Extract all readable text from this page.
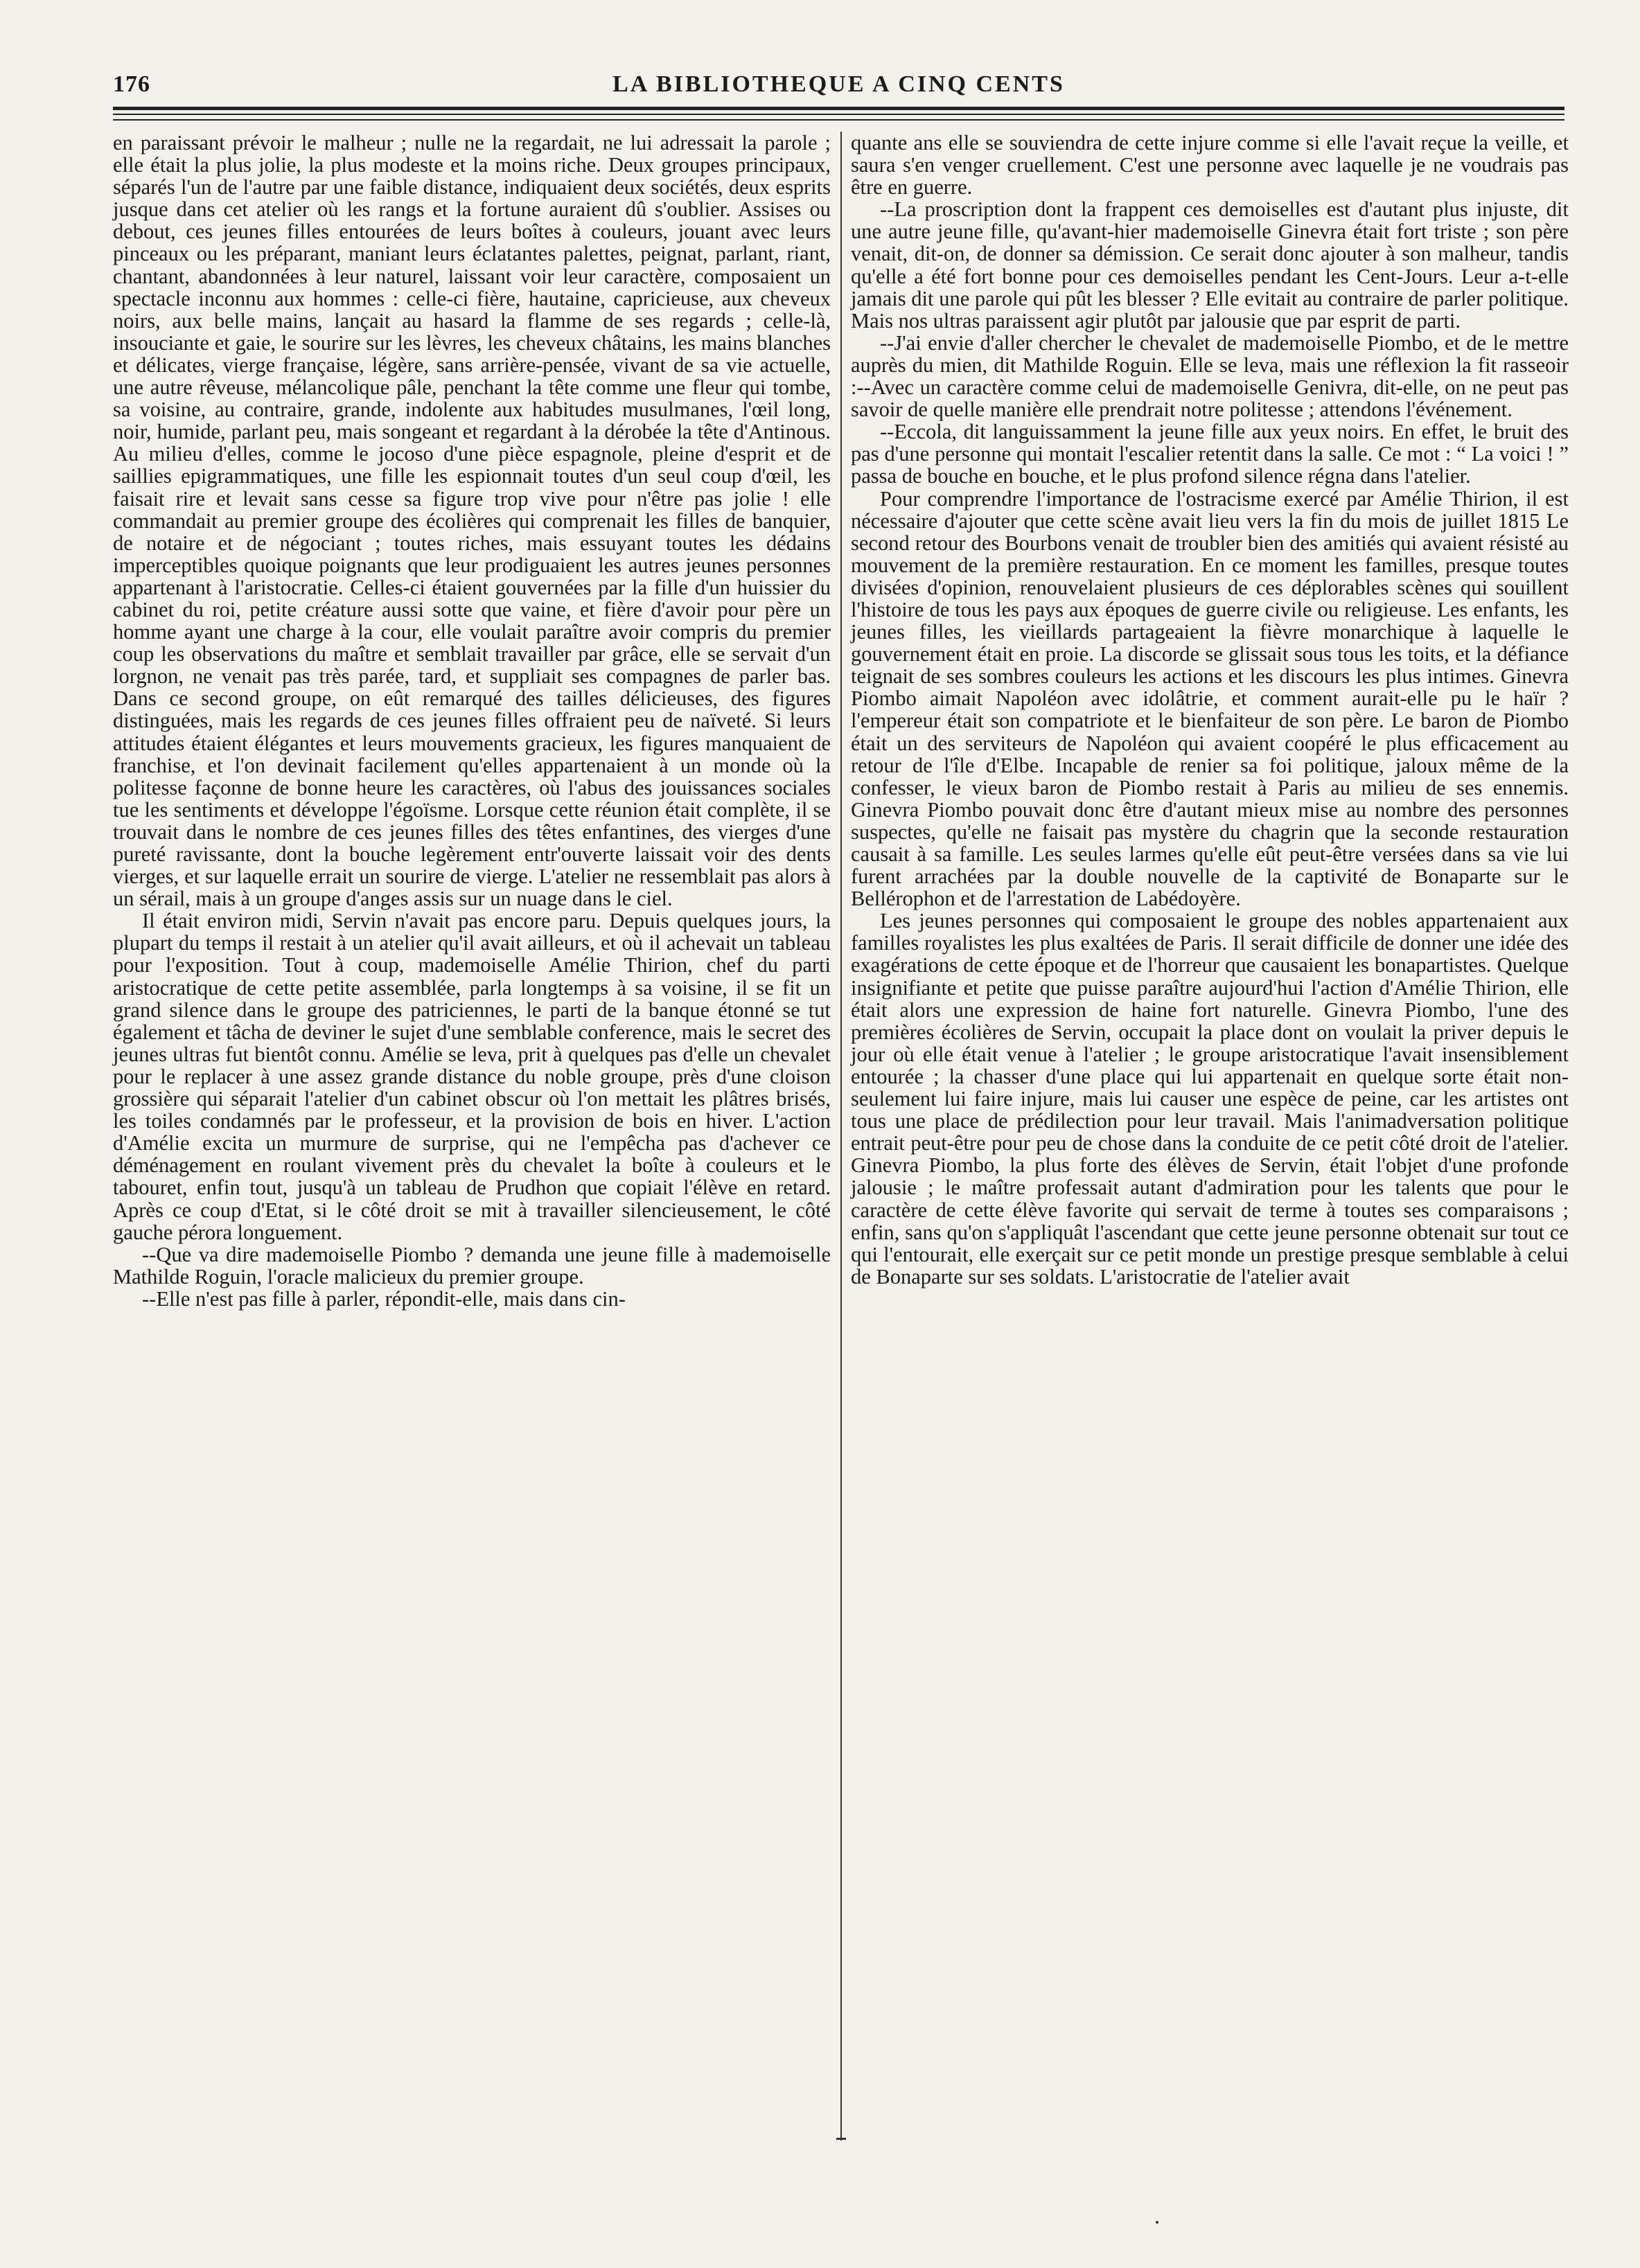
LA BIBLIOTHEQUE A CINQ CENTS
176

en paraissant prévoir le malheur ; nulle ne la regardait, ne lui adressait la parole ; elle était la plus jolie, la plus modeste et la moins riche. Deux groupes principaux, séparés l'un de l'autre par une faible distance, indiquaient deux sociétés, deux esprits jusque dans cet atelier où les rangs et la fortune auraient dû s'oublier. Assises ou debout, ces jeunes filles entourées de leurs boîtes à couleurs, jouant avec leurs pinceaux ou les préparant, maniant leurs éclatantes palettes, peignat, parlant, riant, chantant, abandonnées à leur naturel, laissant voir leur caractère, composaient un spectacle inconnu aux hommes : celle-ci fière, hautaine, capricieuse, aux cheveux noirs, aux belle mains, lançait au hasard la flamme de ses regards ; celle-là, insouciante et gaie, le sourire sur les lèvres, les cheveux châtains, les mains blanches et délicates, vierge française, légère, sans arrière-pensée, vivant de sa vie actuelle, une autre rêveuse, mélancolique pâle, penchant la tête comme une fleur qui tombe, sa voisine, au contraire, grande, indolente aux habitudes musulmanes, l'œil long, noir, humide, parlant peu, mais songeant et regardant à la dérobée la tête d'Antinous. Au milieu d'elles, comme le jocoso d'une pièce espagnole, pleine d'esprit et de saillies epigrammatiques, une fille les espionnait toutes d'un seul coup d'œil, les faisait rire et levait sans cesse sa figure trop vive pour n'être pas jolie ! elle commandait au premier groupe des écolières qui comprenait les filles de banquier, de notaire et de négociant ; toutes riches, mais essuyant toutes les dédains imperceptibles quoique poignants que leur prodiguaient les autres jeunes personnes appartenant à l'aristocratie. Celles-ci étaient gouvernées par la fille d'un huissier du cabinet du roi, petite créature aussi sotte que vaine, et fière d'avoir pour père un homme ayant une charge à la cour, elle voulait paraître avoir compris du premier coup les observations du maître et semblait travailler par grâce, elle se servait d'un lorgnon, ne venait pas très parée, tard, et suppliait ses compagnes de parler bas. Dans ce second groupe, on eût remarqué des tailles délicieuses, des figures distinguées, mais les regards de ces jeunes filles offraient peu de naïveté. Si leurs attitudes étaient élégantes et leurs mouvements gracieux, les figures manquaient de franchise, et l'on devinait facilement qu'elles appartenaient à un monde où la politesse façonne de bonne heure les caractères, où l'abus des jouissances sociales tue les sentiments et développe l'égoïsme. Lorsque cette réunion était complète, il se trouvait dans le nombre de ces jeunes filles des têtes enfantines, des vierges d'une pureté ravissante, dont la bouche legèrement entr'ouverte laissait voir des dents vierges, et sur laquelle errait un sourire de vierge. L'atelier ne ressemblait pas alors à un sérail, mais à un groupe d'anges assis sur un nuage dans le ciel.

Il était environ midi, Servin n'avait pas encore paru. Depuis quelques jours, la plupart du temps il restait à un atelier qu'il avait ailleurs, et où il achevait un tableau pour l'exposition. Tout à coup, mademoiselle Amélie Thirion, chef du parti aristocratique de cette petite assemblée, parla longtemps à sa voisine, il se fit un grand silence dans le groupe des patriciennes, le parti de la banque étonné se tut également et tâcha de deviner le sujet d'une semblable conference, mais le secret des jeunes ultras fut bientôt connu. Amélie se leva, prit à quelques pas d'elle un chevalet pour le replacer à une assez grande distance du noble groupe, près d'une cloison grossière qui séparait l'atelier d'un cabinet obscur où l'on mettait les plâtres brisés, les toiles condamnés par le professeur, et la provision de bois en hiver. L'action d'Amélie excita un murmure de surprise, qui ne l'empêcha pas d'achever ce déménagement en roulant vivement près du chevalet la boîte à couleurs et le tabouret, enfin tout, jusqu'à un tableau de Prudhon que copiait l'élève en retard. Après ce coup d'Etat, si le côté droit se mit à travailler silencieusement, le côté gauche pérora longuement.

--Que va dire mademoiselle Piombo ? demanda une jeune fille à mademoiselle Mathilde Roguin, l'oracle malicieux du premier groupe.

--Elle n'est pas fille à parler, répondit-elle, mais dans cin-

quante ans elle se souviendra de cette injure comme si elle l'avait reçue la veille, et saura s'en venger cruellement. C'est une personne avec laquelle je ne voudrais pas être en guerre.

--La proscription dont la frappent ces demoiselles est d'autant plus injuste, dit une autre jeune fille, qu'avant-hier mademoiselle Ginevra était fort triste ; son père venait, dit-on, de donner sa démission. Ce serait donc ajouter à son malheur, tandis qu'elle a été fort bonne pour ces demoiselles pendant les Cent-Jours. Leur a-t-elle jamais dit une parole qui pût les blesser ? Elle evitait au contraire de parler politique. Mais nos ultras paraissent agir plutôt par jalousie que par esprit de parti.

--J'ai envie d'aller chercher le chevalet de mademoiselle Piombo, et de le mettre auprès du mien, dit Mathilde Roguin. Elle se leva, mais une réflexion la fit rasseoir :--Avec un caractère comme celui de mademoiselle Genivra, dit-elle, on ne peut pas savoir de quelle manière elle prendrait notre politesse ; attendons l'événement.

--Eccola, dit languissamment la jeune fille aux yeux noirs. En effet, le bruit des pas d'une personne qui montait l'escalier retentit dans la salle. Ce mot : “ La voici ! ” passa de bouche en bouche, et le plus profond silence régna dans l'atelier.

Pour comprendre l'importance de l'ostracisme exercé par Amélie Thirion, il est nécessaire d'ajouter que cette scène avait lieu vers la fin du mois de juillet 1815 Le second retour des Bourbons venait de troubler bien des amitiés qui avaient résisté au mouvement de la première restauration. En ce moment les familles, presque toutes divisées d'opinion, renouvelaient plusieurs de ces déplorables scènes qui souillent l'histoire de tous les pays aux époques de guerre civile ou religieuse. Les enfants, les jeunes filles, les vieillards partageaient la fièvre monarchique à laquelle le gouvernement était en proie. La discorde se glissait sous tous les toits, et la défiance teignait de ses sombres couleurs les actions et les discours les plus intimes. Ginevra Piombo aimait Napoléon avec idolâtrie, et comment aurait-elle pu le haïr ? l'empereur était son compatriote et le bienfaiteur de son père. Le baron de Piombo était un des serviteurs de Napoléon qui avaient coopéré le plus efficacement au retour de l'île d'Elbe. Incapable de renier sa foi politique, jaloux même de la confesser, le vieux baron de Piombo restait à Paris au milieu de ses ennemis. Ginevra Piombo pouvait donc être d'autant mieux mise au nombre des personnes suspectes, qu'elle ne faisait pas mystère du chagrin que la seconde restauration causait à sa famille. Les seules larmes qu'elle eût peut-être versées dans sa vie lui furent arrachées par la double nouvelle de la captivité de Bonaparte sur le Bellérophon et de l'arrestation de Labédoyère.

Les jeunes personnes qui composaient le groupe des nobles appartenaient aux familles royalistes les plus exaltées de Paris. Il serait difficile de donner une idée des exagérations de cette époque et de l'horreur que causaient les bonapartistes. Quelque insignifiante et petite que puisse paraître aujourd'hui l'action d'Amélie Thirion, elle était alors une expression de haine fort naturelle. Ginevra Piombo, l'une des premières écolières de Servin, occupait la place dont on voulait la priver depuis le jour où elle était venue à l'atelier ; le groupe aristocratique l'avait insensiblement entourée ; la chasser d'une place qui lui appartenait en quelque sorte était non-seulement lui faire injure, mais lui causer une espèce de peine, car les artistes ont tous une place de prédilection pour leur travail. Mais l'animadversation politique entrait peut-être pour peu de chose dans la conduite de ce petit côté droit de l'atelier. Ginevra Piombo, la plus forte des élèves de Servin, était l'objet d'une profonde jalousie ; le maître professait autant d'admiration pour les talents que pour le caractère de cette élève favorite qui servait de terme à toutes ses comparaisons ; enfin, sans qu'on s'appliquât l'ascendant que cette jeune personne obtenait sur tout ce qui l'entourait, elle exerçait sur ce petit monde un prestige presque semblable à celui de Bonaparte sur ses soldats. L'aristocratie de l'atelier avait
